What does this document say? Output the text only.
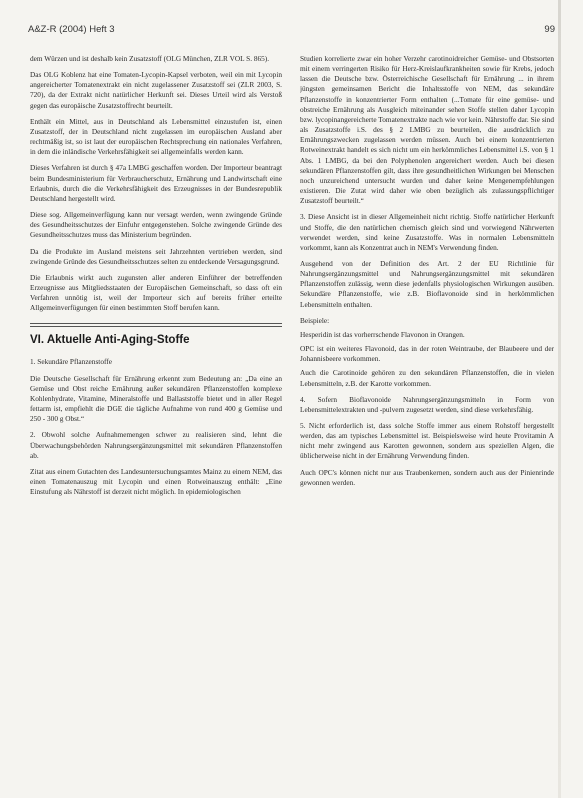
A&Z-R (2004) Heft 3	99

dem Würzen und ist deshalb kein Zusatzstoff (OLG München, ZLR VOL S. 865).

Das OLG Koblenz hat eine Tomaten-Lycopin-Kapsel verboten, weil ein mit Lycopin angereicherter Tomatenextrakt ein nicht zugelassener Zusatzstoff sei (ZLR 2003, S. 720), da der Extrakt nicht natürlicher Herkunft sei. Dieses Urteil wird als Verstoß gegen das europäische Zusatzstoffrecht beurteilt.

Enthält ein Mittel, aus in Deutschland als Lebensmittel einzustufen ist, einen Zusatzstoff, der in Deutschland nicht zugelassen im europäischen Ausland aber rechtmäßig ist, so ist laut der europäischen Rechtsprechung ein nationales Verfahren, in dem die inländische Verkehrsfähigkeit sei allgemeinfalls werden kann.

Dieses Verfahren ist durch § 47a LMBG geschaffen worden. Der Importeur beantragt beim Bundesministerium für Verbraucherschutz, Ernährung und Landwirtschaft eine Erlaubnis, durch die die Verkehrsfähigkeit des Erzeugnisses in der Bundesrepublik Deutschland hergestellt wird.

Diese sog. Allgemeinverfügung kann nur versagt werden, wenn zwingende Gründe des Gesundheitsschutzes der Einfuhr entgegenstehen. Solche zwingende Gründe des Gesundheitsschutzes muss das Ministerium begründen.

Da die Produkte im Ausland meistens seit Jahrzehnten vertrieben werden, sind zwingende Gründe des Gesundheitsschutzes selten zu entdeckende Versagungsgrund.

Die Erlaubnis wirkt auch zugunsten aller anderen Einführer der betreffenden Erzeugnisse aus Mitgliedsstaaten der Europäischen Gemeinschaft, so dass oft ein Verfahren unnötig ist, weil der Importeur sich auf bereits früher erteilte Allgemeinverfügungen für einen bestimmten Stoff berufen kann.

VI. Aktuelle Anti-Aging-Stoffe

1. Sekundäre Pflanzenstoffe

Die Deutsche Gesellschaft für Ernährung erkennt zum Bedeutung an: „Da eine an Gemüse und Obst reiche Ernährung außer sekundären Pflanzenstoffen komplexe Kohlenhydrate, Vitamine, Mineralstoffe und Ballaststoffe bietet und in aller Regel fettarm ist, empfiehlt die DGE die tägliche Aufnahme von rund 400 g Gemüse und 250 - 300 g Obst.“

2. Obwohl solche Aufnahmemengen schwer zu realisieren sind, lehnt die Überwachungsbehörden Nahrungsergänzungsmittel mit sekundären Pflanzenstoffen ab.

Zitat aus einem Gutachten des Landesuntersuchungsamtes Mainz zu einem NEM, das einen Tomatenauszug mit Lycopin und einen Rotweinauszug enthält: „Eine Einstufung als Nährstoff ist derzeit nicht möglich. In epidemiologischen

Studien korrelierte zwar ein hoher Verzehr carotinoidreicher Gemüse- und Obstsorten mit einem verringerten Risiko für Herz-Kreislaufkrankheiten sowie für Krebs, jedoch lassen die Deutsche bzw. Österreichische Gesellschaft für Ernährung ... in ihrem jüngsten gemeinsamen Bericht die Inhaltsstoffe von NEM, das sekundäre Pflanzenstoffe in konzentrierter Form enthalten (...Tomate für eine gemüse- und obstreiche Ernährung als Ausgleich miteinander sehen Stoffe stellen daher Lycopin bzw. lycopinangereicherte Tomatenextrakte nach wie vor kein. Nährstoffe dar. Sie sind als Zusatzstoffe i.S. des § 2 LMBG zu beurteilen, die ausdrücklich zu Ernährungszwecken zugelassen werden müssen. Auch bei einem konzentrierten Rotweinextrakt handelt es sich nicht um ein herkömmliches Lebensmittel i.S. von § 1 Abs. 1 LMBG, da bei den Polyphenolen angereichert werden. Auch bei diesen sekundären Pflanzenstoffen gilt, dass ihre gesundheitlichen Wirkungen bei Menschen noch unzureichend untersucht wurden und daher keine Mengenempfehlungen existieren. Die Zutat wird daher wie oben bezüglich als zulassungspflichtiger Zusatzstoff beurteilt.“

3. Diese Ansicht ist in dieser Allgemeinheit nicht richtig. Stoffe natürlicher Herkunft und Stoffe, die den natürlichen chemisch gleich sind und vorwiegend Nährwerten verwendet werden, sind keine Zusatzstoffe. Was in normalen Lebensmitteln vorkommt, kann als Konzentrat auch in NEM's Verwendung finden.

Ausgehend von der Definition des Art. 2 der EU Richtlinie für Nahrungsergänzungsmittel und Nahrungsergänzungsmittel mit sekundären Pflanzenstoffen zulässig, wenn diese jedenfalls physiologischen Wirkungen ausüben. Sekundäre Pflanzenstoffe, wie z.B. Bioflavonoide sind in herkömmlichen Lebensmitteln enthalten.

Beispiele:

Hesperidin ist das vorherrschende Flavonon in Orangen.

OPC ist ein weiteres Flavonoid, das in der roten Weintraube, der Blaubeere und der Johannisbeere vorkommen.

Auch die Carotinoide gehören zu den sekundären Pflanzenstoffen, die in vielen Lebensmitteln, z.B. der Karotte vorkommen.

4. Sofern Bioflavonoide Nahrungsergänzungsmitteln in Form von Lebensmittelextrakten und -pulvern zugesetzt werden, sind diese verkehrsfähig.

5. Nicht erforderlich ist, dass solche Stoffe immer aus einem Rohstoff hergestellt werden, das am typisches Lebensmittel ist. Beispielsweise wird heute Provitamin A nicht mehr zwingend aus Karotten gewonnen, sondern aus speziellen Algen, die üblicherweise nicht in der Ernährung Verwendung finden.

Auch OPC's können nicht nur aus Traubenkernen, sondern auch aus der Pinienrinde gewonnen werden.
